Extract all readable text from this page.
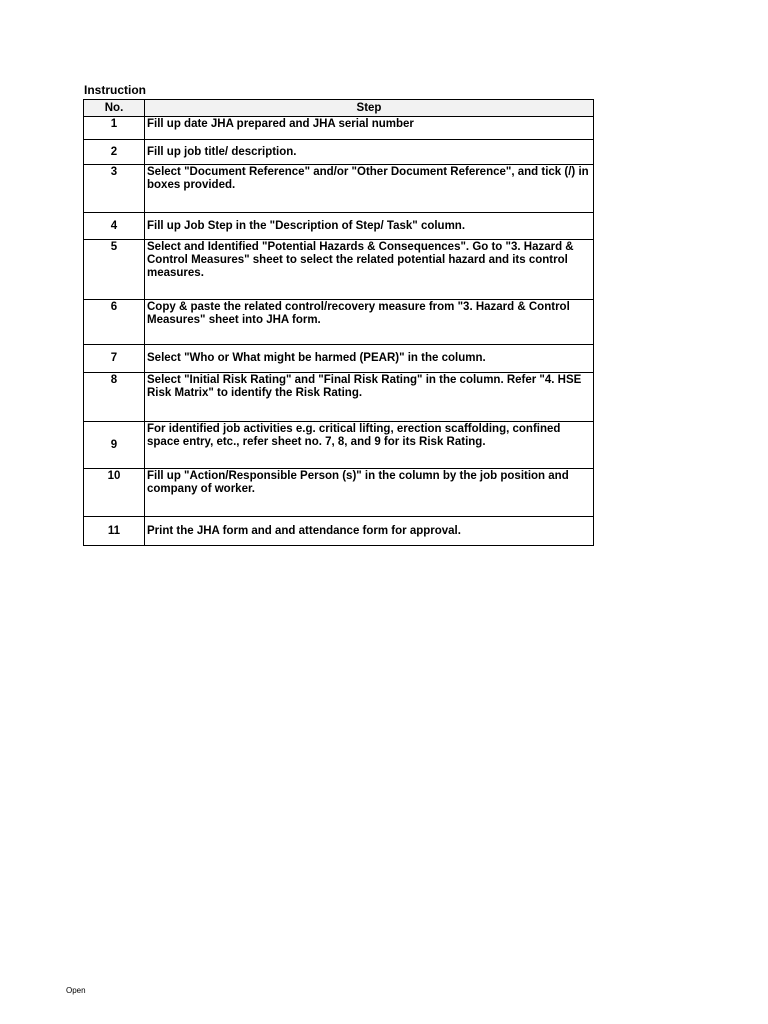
Instruction
No.	Step
1	Fill up date JHA prepared and JHA serial number
2	Fill up job title/ description.
3	Select "Document Reference" and/or "Other Document Reference", and tick (/) in boxes provided.
4	Fill up Job Step in the "Description of Step/ Task" column.
5	Select and Identified "Potential Hazards & Consequences". Go to "3. Hazard & Control Measures" sheet to select the related potential hazard and its control measures.
6	Copy & paste the related control/recovery measure from "3. Hazard & Control Measures" sheet into JHA form.
7	Select "Who or What might be harmed (PEAR)" in the column.
8	Select "Initial Risk Rating" and "Final Risk Rating" in the column. Refer "4. HSE Risk Matrix" to identify the Risk Rating.
9	For identified job activities e.g. critical lifting, erection scaffolding, confined space entry, etc., refer sheet no. 7, 8, and 9 for its Risk Rating.
10	Fill up "Action/Responsible Person (s)" in the column by the job position and company of worker.
11	Print the JHA form and and attendance form for approval.
Open
